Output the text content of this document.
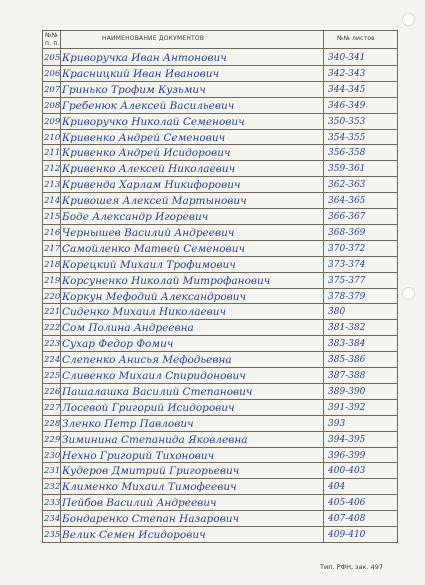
№№
п. п.
НАИМЕНОВАНИЕ ДОКУМЕНТОВ	№№ листов
205 Криворучка Иван Антонович	340-341
206 Красницкий Иван Иванович	342-343
207 Гринько Трофим Кузьмич	344-345
208 Гребенюк Алексей Васильевич	346-349
209 Криворучко Николай Семенович	350-353
210 Кривенко Андрей Семенович	354-355
211 Кривенко Андрей Исидорович	356-358
212 Кривенко Алексей Николаевич	359-361
213 Кривенда Харлам Никифорович	362-363
214 Кривошея Алексей Мартынович	364-365
215 Боде Александр Игоревич	366-367
216 Чернышев Василий Андреевич	368-369
217 Самойленко Матвей Семенович	370-372
218 Корецкий Михаил Трофимович	373-374
219 Корсуненко Николай Митрофанович	375-377
220 Коркун Мефодий Александрович	378-379
221 Сиденко Михаил Николаевич	380
222 Сом Полина Андреевна	381-382
223 Сухар Федор Фомич	383-384
224 Слепенко Анисья Мефодьевна	385-386
225 Сливенко Михаил Спиридонович	387-388
226 Пашалашка Василий Степанович	389-390
227 Лосевой Григорий Исидорович	391-392
228 Зленко Петр Павлович	393
229 Зиминина Степанида Яковлевна	394-395
230 Нехно Григорий Тихонович	396-399
231 Кудеров Дмитрий Григорьевич	400-403
232 Клименко Михаил Тимофеевич	404
233 Пейбов Василий Андреевич	405-406
234 Бондаренко Степан Назарович	407-408
235 Велик Семен Исидорович	409-410
Тип. РФН, зак. 497
